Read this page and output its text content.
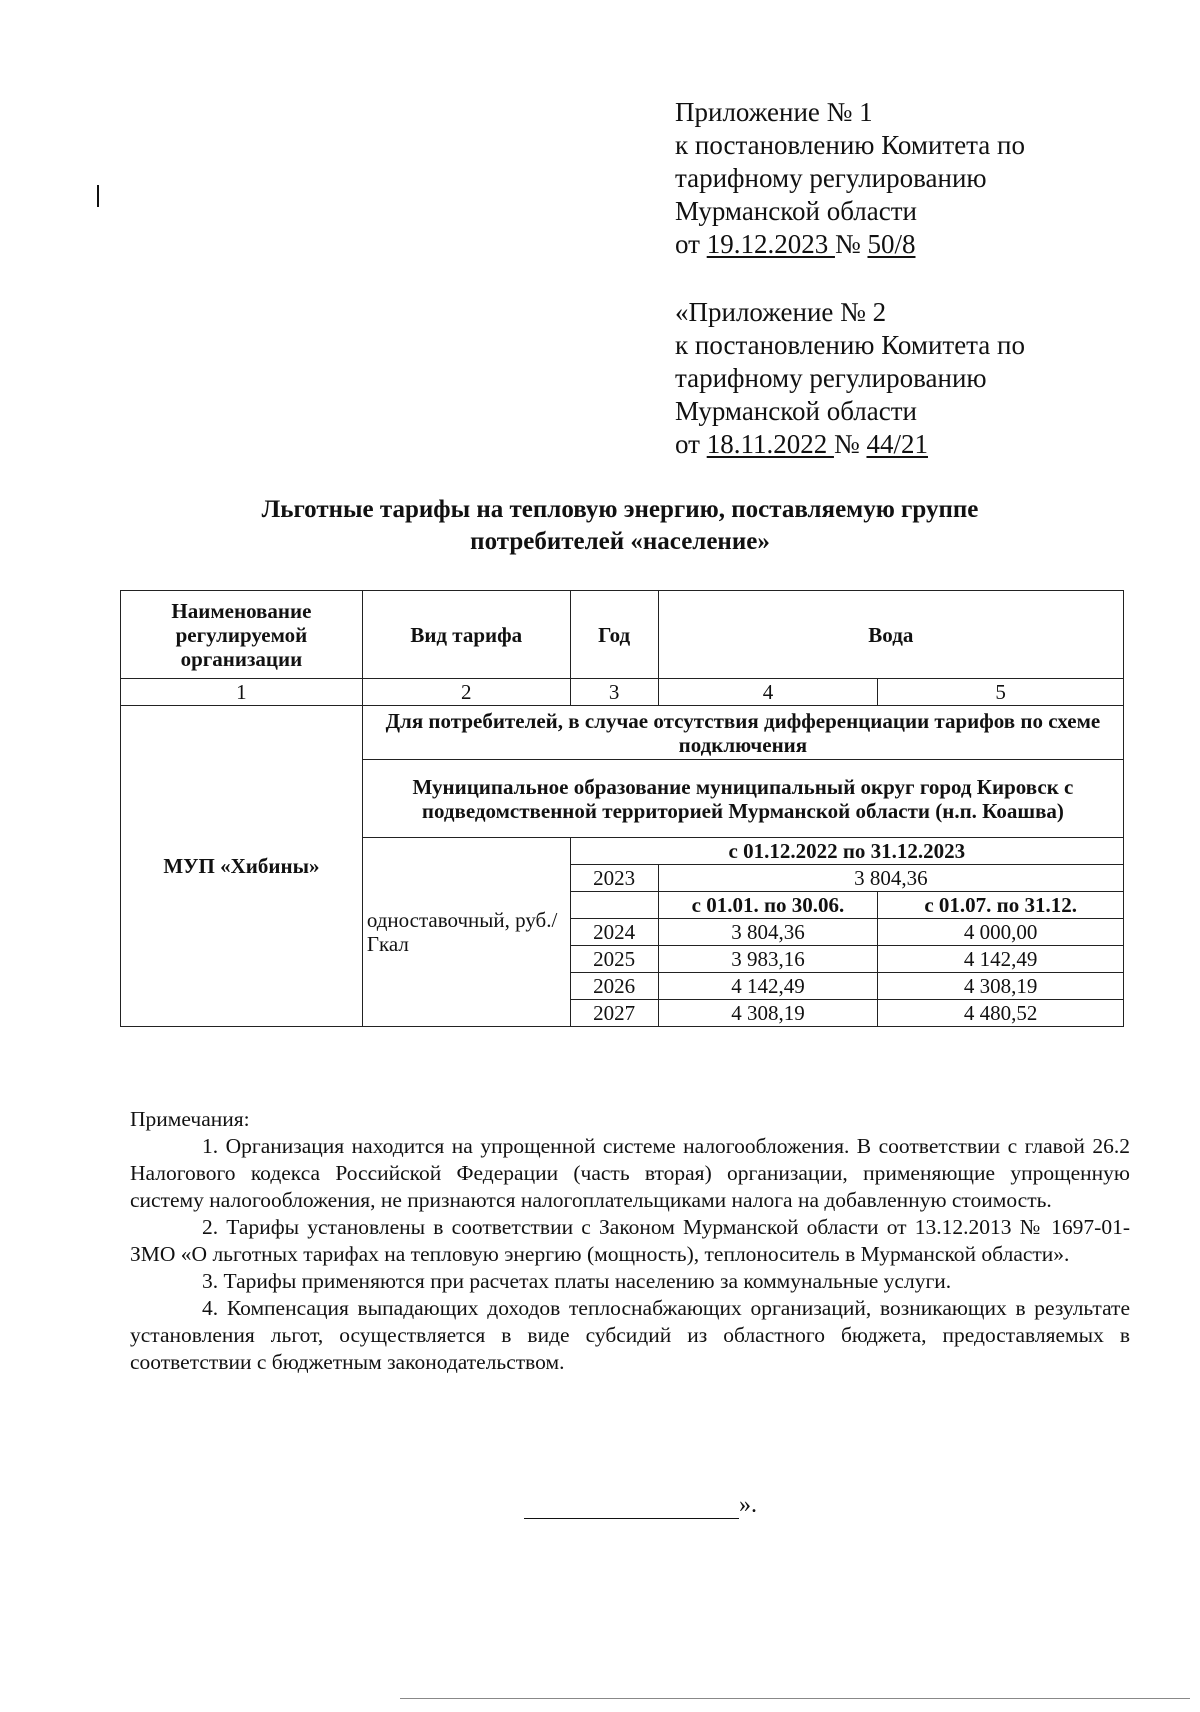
Приложение № 1
к постановлению Комитета по
тарифному регулированию
Мурманской области
от 19.12.2023 № 50/8
«Приложение № 2
к постановлению Комитета по
тарифному регулированию
Мурманской области
от 18.11.2022 № 44/21
Льготные тарифы на тепловую энергию, поставляемую группе
потребителей «население»
Наименование регулируемой организации	Вид тарифа	Год	Вода	
1	2	3	4	5
МУП «Хибины»	Для потребителей, в случае отсутствия дифференциации тарифов по схеме подключения			
	Муниципальное образование муниципальный округ город Кировск с подведомственной территорией Мурманской области (н.п. Коашва)			
	одноставочный, руб./Гкал	с 01.12.2022 по 31.12.2023		
		2023	3 804,36	
			с 01.01. по 30.06.	с 01.07. по 31.12.
		2024	3 804,36	4 000,00
		2025	3 983,16	4 142,49
		2026	4 142,49	4 308,19
		2027	4 308,19	4 480,52

Примечания:

1. Организация находится на упрощенной системе налогообложения. В соответствии с главой 26.2 Налогового кодекса Российской Федерации (часть вторая) организации, применяющие упрощенную систему налогообложения, не признаются налогоплательщиками налога на добавленную стоимость.

2. Тарифы установлены в соответствии с Законом Мурманской области от 13.12.2013 № 1697-01-ЗМО «О льготных тарифах на тепловую энергию (мощность), теплоноситель в Мурманской области».

3. Тарифы применяются при расчетах платы населению за коммунальные услуги.

4. Компенсация выпадающих доходов теплоснабжающих организаций, возникающих в результате установления льгот, осуществляется в виде субсидий из областного бюджета, предоставляемых в соответствии с бюджетным законодательством.

».
